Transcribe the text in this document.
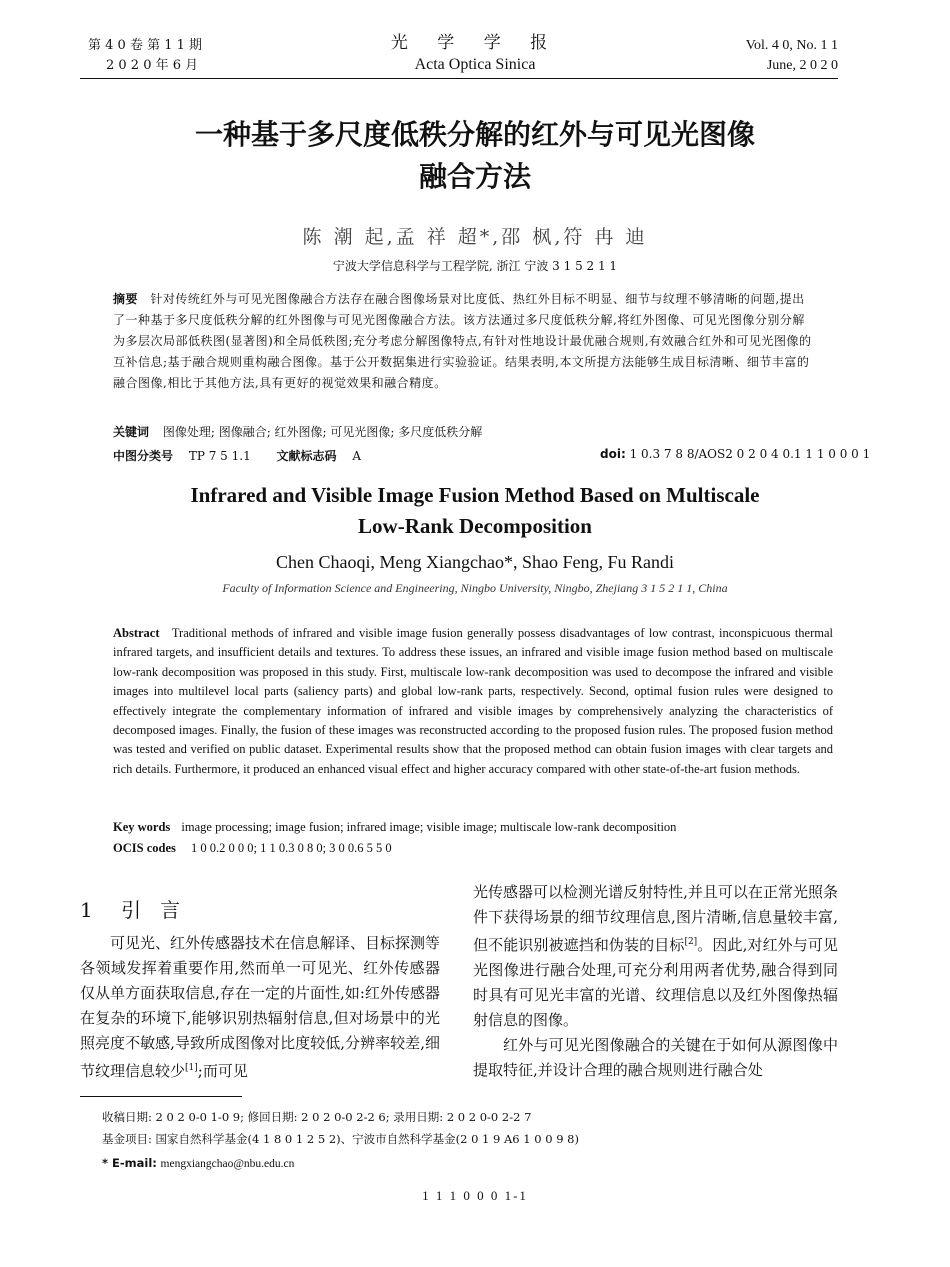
第 4 0 卷 第 1 1 期
2 0 2 0 年 6 月
光 学 学 报
Acta Optica Sinica
Vol. 4 0, No. 1 1
June, 2 0 2 0
一种基于多尺度低秩分解的红外与可见光图像
融合方法
陈 潮 起,孟 祥 超*,邵 枫,符 冉 迪
宁波大学信息科学与工程学院, 浙江 宁波 3 1 5 2 1 1
摘要 针对传统红外与可见光图像融合方法存在融合图像场景对比度低、热红外目标不明显、细节与纹理不够清晰的问题,提出了一种基于多尺度低秩分解的红外图像与可见光图像融合方法。该方法通过多尺度低秩分解,将红外图像、可见光图像分别分解为多层次局部低秩图(显著图)和全局低秩图;充分考虑分解图像特点,有针对性地设计最优融合规则,有效融合红外和可见光图像的互补信息;基于融合规则重构融合图像。基于公开数据集进行实验验证。结果表明,本文所提方法能够生成目标清晰、细节丰富的融合图像,相比于其他方法,具有更好的视觉效果和融合精度。
关键词 图像处理; 图像融合; 红外图像; 可见光图像; 多尺度低秩分解
中图分类号 TP 7 5 1.1 文献标志码 A	doi: 1 0.3 7 8 8/AOS2 0 2 0 4 0.1 1 1 0 0 0 1
Infrared and Visible Image Fusion Method Based on Multiscale
Low-Rank Decomposition
Chen Chaoqi, Meng Xiangchao*, Shao Feng, Fu Randi
Faculty of Information Science and Engineering, Ningbo University, Ningbo, Zhejiang 3 1 5 2 1 1, China
Abstract Traditional methods of infrared and visible image fusion generally possess disadvantages of low contrast, inconspicuous thermal infrared targets, and insufficient details and textures. To address these issues, an infrared and visible image fusion method based on multiscale low-rank decomposition was proposed in this study. First, multiscale low-rank decomposition was used to decompose the infrared and visible images into multilevel local parts (saliency parts) and global low-rank parts, respectively. Second, optimal fusion rules were designed to effectively integrate the complementary information of infrared and visible images by comprehensively analyzing the characteristics of decomposed images. Finally, the fusion of these images was reconstructed according to the proposed fusion rules. The proposed fusion method was tested and verified on public dataset. Experimental results show that the proposed method can obtain fusion images with clear targets and rich details. Furthermore, it produced an enhanced visual effect and higher accuracy compared with other state-of-the-art fusion methods.
Key words image processing; image fusion; infrared image; visible image; multiscale low-rank decomposition
OCIS codes 1 0 0.2 0 0 0; 1 1 0.3 0 8 0; 3 0 0.6 5 5 0
1 引   言

可见光、红外传感器技术在信息解译、目标探测等各领域发挥着重要作用,然而单一可见光、红外传感器仅从单方面获取信息,存在一定的片面性,如:红外传感器在复杂的环境下,能够识别热辐射信息,但对场景中的光照亮度不敏感,导致所成图像对比度较低,分辨率较差,细节纹理信息较少[1];而可见

光传感器可以检测光谱反射特性,并且可以在正常光照条件下获得场景的细节纹理信息,图片清晰,信息量较丰富,但不能识别被遮挡和伪装的目标[2]。因此,对红外与可见光图像进行融合处理,可充分利用两者优势,融合得到同时具有可见光丰富的光谱、纹理信息以及红外图像热辐射信息的图像。

红外与可见光图像融合的关键在于如何从源图像中提取特征,并设计合理的融合规则进行融合处

收稿日期: 2 0 2 0-0 1-0 9; 修回日期: 2 0 2 0-0 2-2 6; 录用日期: 2 0 2 0-0 2-2 7
基金项目: 国家自然科学基金(4 1 8 0 1 2 5 2)、宁波市自然科学基金(2 0 1 9 A6 1 0 0 9 8)
* E-mail: mengxiangchao@nbu.edu.cn
1 1 1 0 0 0 1-1
